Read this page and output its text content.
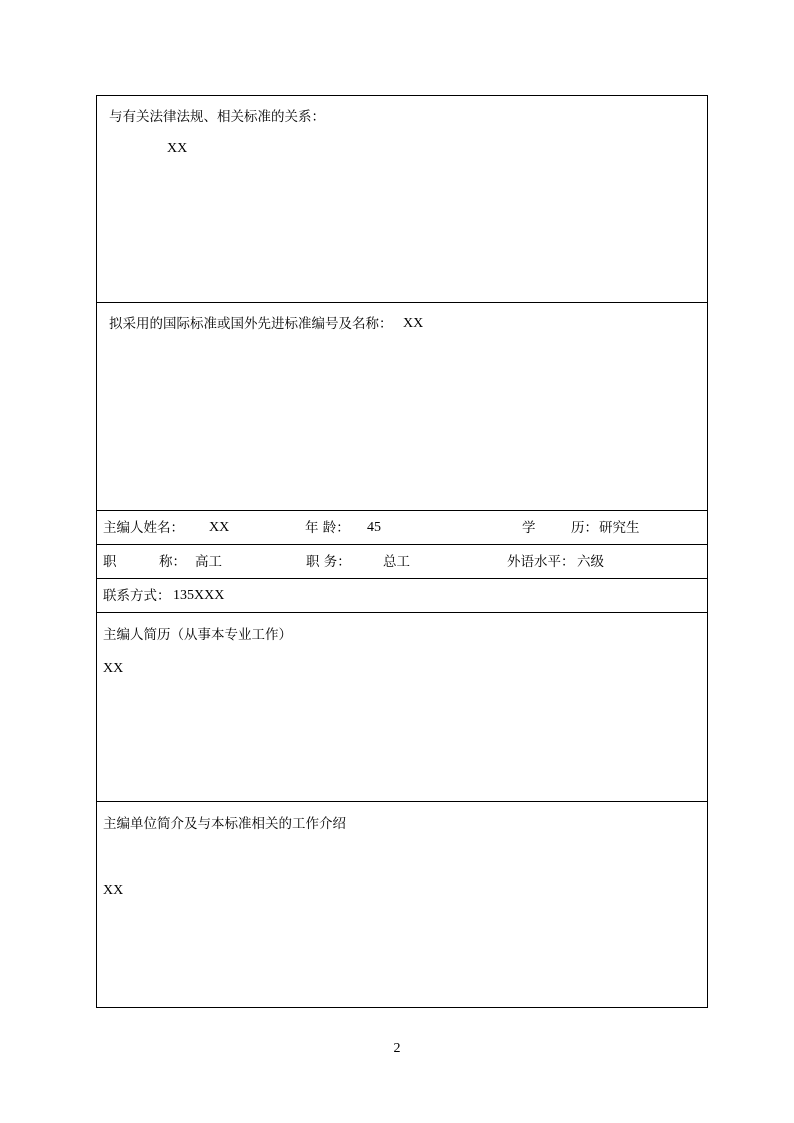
与有关法律法规、相关标准的关系：
XX
拟采用的国际标准或国外先进标准编号及名称： XX
主编人姓名： XX	年 龄： 45	学	历： 研究生
职	称： 高工	职 务： 总工	外语水平： 六级
联系方式： 135XXX
主编人简历（从事本专业工作）
XX
主编单位简介及与本标准相关的工作介绍
XX
2
